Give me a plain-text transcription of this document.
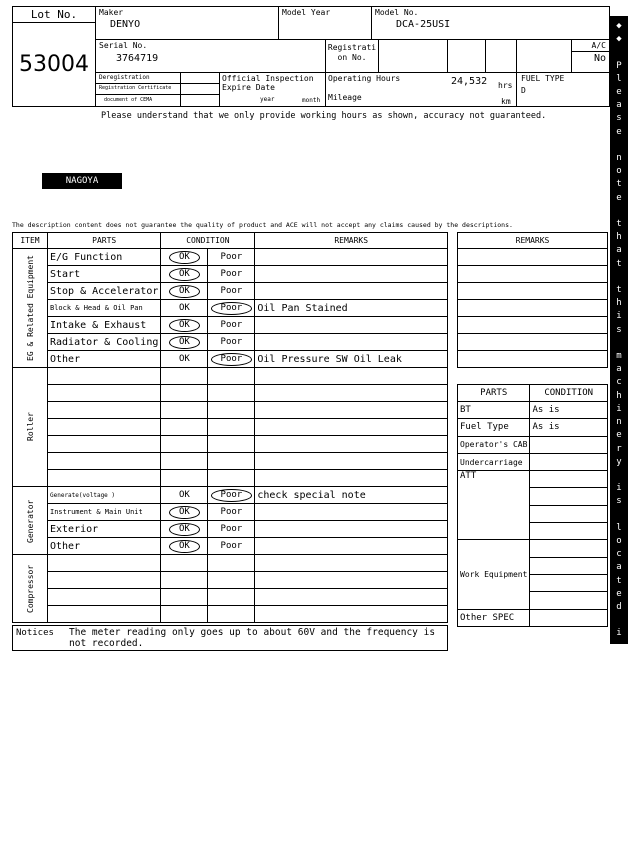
Lot No.
53004
Maker
DENYO
Model Year	Model No.
DCA-25USI
Serial No.
3764719
Registrati on No.
A/C
No
Deregistration
Registration Certificate
document of CEMA
Official Inspection Expire Date
year	month
Operating Hours	24,532 hrs
Mileage	km
FUEL TYPE
D
Please understand that we only provide working hours as shown, accuracy not guaranteed.
NAGOYA
The description content does not guarantee the quality of product and ACE will not accept any claims caused by the descriptions.
ITEM	PARTS	CONDITION		REMARKS

EG & Related Equipment	E/G Function	OK	Poor	
	Start	OK	Poor	
	Stop & Accelerator	OK	Poor	
	Block & Head & Oil Pan	OK	Poor	Oil Pan Stained
	Intake & Exhaust	OK	Poor	
	Radiator & Cooling	OK	Poor	
	Other	OK	Poor	Oil Pressure SW Oil Leak

Roller				

Generator	Generate(voltage )	OK	Poor	check special note
	Instrument & Main Unit	OK	Poor	
	Exterior	OK	Poor	
	Other	OK	Poor	

Compressor				

REMARKS

PARTS	CONDITION
BT	As is
Fuel Type	As is
Operator's CAB	
Undercarriage	
ATT	

Work Equipment	

Other SPEC	
Notices The meter reading only goes up to about 60V and the frequency is not recorded.
◆
◆

P
l
e
a
s
e

n
o
t
e

t
h
a
t

t
h
i
s

m
a
c
h
i
n
e
r
y

i
s

l
o
c
a
t
e
d

i
n

N
a
g
o
y
a

Y
a
r
d

◆
◆
